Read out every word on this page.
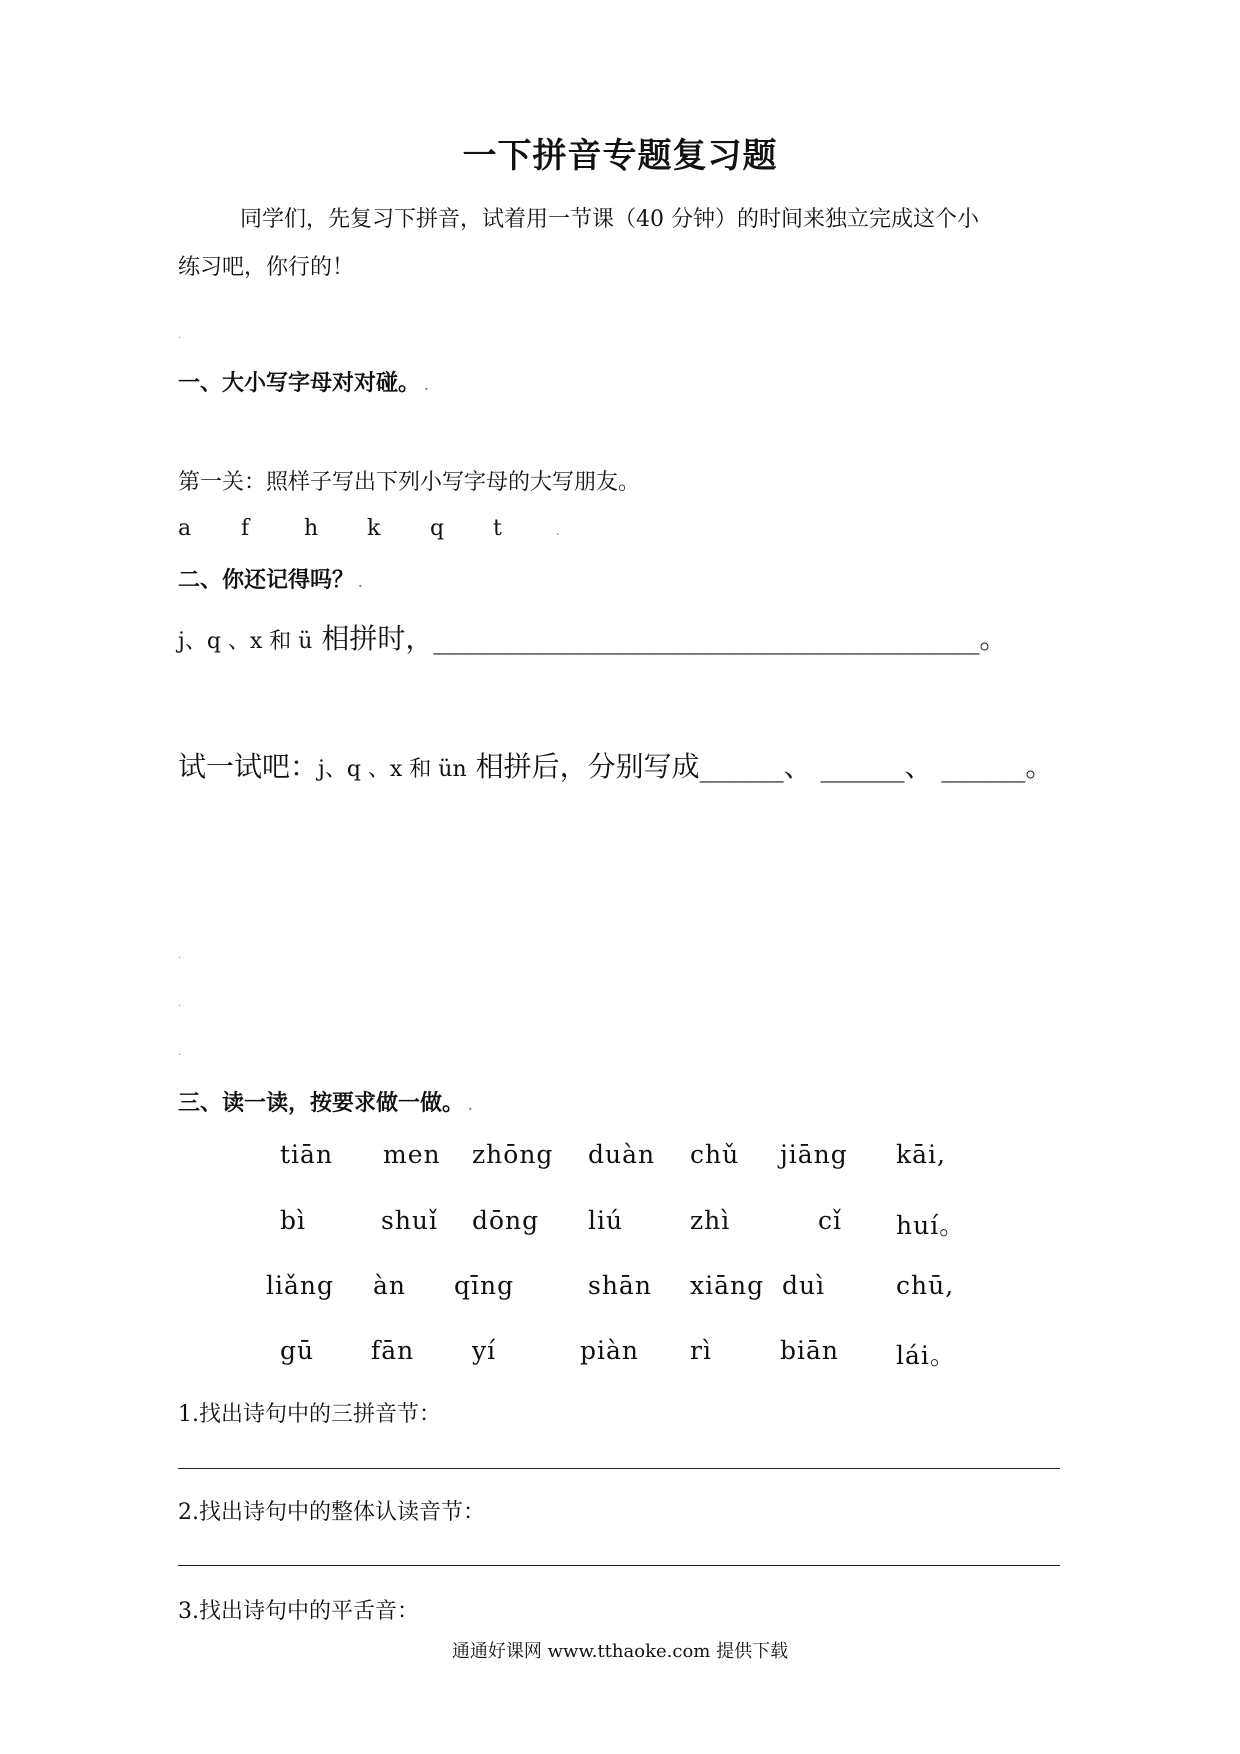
一下拼音专题复习题
同学们，先复习下拼音，试着用一节课（40 分钟）的时间来独立完成这个小
练习吧，你行的！
.
一、大小写字母对对碰。 .
第一关：照样子写出下列小写字母的大写朋友。
a f h k q t	.
二、你还记得吗？ .
j、q 、x 和 ü 相拼时，_______________________________________。
试一试吧：j、q 、x 和 ün 相拼后，分别写成______、 ______、 ______。
.
.
.
三、读一读，按要求做一做。 .
tiān men zhōng duàn chǔ jiāng kāi,
bì	shuǐ dōng liú	zhì	cǐ huí。
liǎng àn qīng	shān xiāng duì	chū,
gū fān yí	piàn rì	biān lái。
1.找出诗句中的三拼音节：
2.找出诗句中的整体认读音节：
3.找出诗句中的平舌音：
通通好课网 www.tthaoke.com 提供下载
